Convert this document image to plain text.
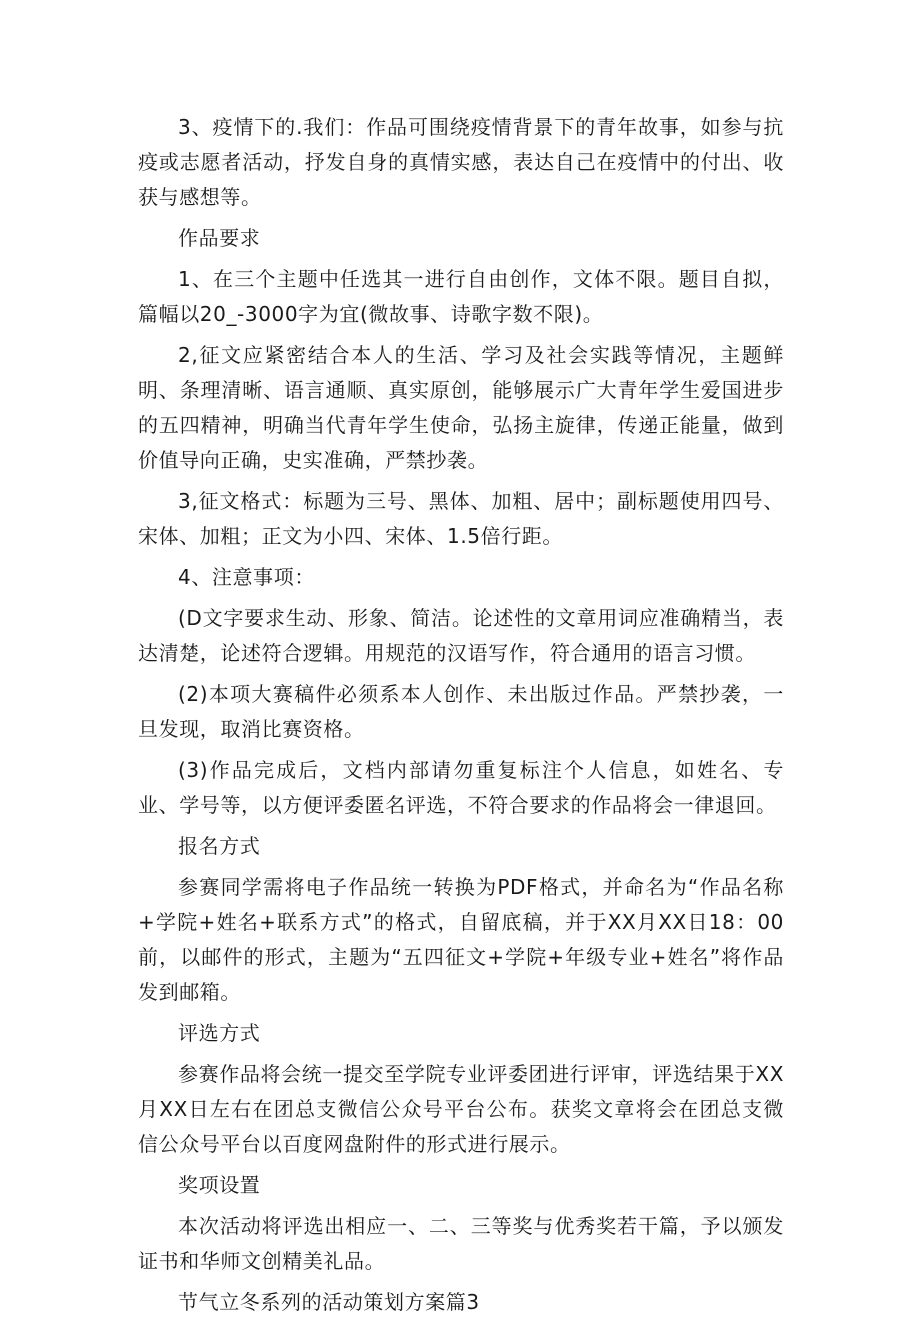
3、疫情下的.我们：作品可围绕疫情背景下的青年故事，如参与抗疫或志愿者活动，抒发自身的真情实感，表达自己在疫情中的付出、收获与感想等。

作品要求

1、在三个主题中任选其一进行自由创作，文体不限。题目自拟，篇幅以20_-3000字为宜(微故事、诗歌字数不限)。

2,征文应紧密结合本人的生活、学习及社会实践等情况，主题鲜明、条理清晰、语言通顺、真实原创，能够展示广大青年学生爱国进步的五四精神，明确当代青年学生使命，弘扬主旋律，传递正能量，做到价值导向正确，史实准确，严禁抄袭。

3,征文格式：标题为三号、黑体、加粗、居中；副标题使用四号、宋体、加粗；正文为小四、宋体、1.5倍行距。

4、注意事项：

(D文字要求生动、形象、简洁。论述性的文章用词应准确精当，表达清楚，论述符合逻辑。用规范的汉语写作，符合通用的语言习惯。

(2)本项大赛稿件必须系本人创作、未出版过作品。严禁抄袭，一旦发现，取消比赛资格。

(3)作品完成后，文档内部请勿重复标注个人信息，如姓名、专业、学号等，以方便评委匿名评选，不符合要求的作品将会一律退回。

报名方式

参赛同学需将电子作品统一转换为PDF格式，并命名为“作品名称+学院+姓名+联系方式”的格式，自留底稿，并于XX月XX日18：00前，以邮件的形式，主题为“五四征文+学院+年级专业+姓名”将作品发到邮箱。

评选方式

参赛作品将会统一提交至学院专业评委团进行评审，评选结果于XX月XX日左右在团总支微信公众号平台公布。获奖文章将会在团总支微信公众号平台以百度网盘附件的形式进行展示。

奖项设置

本次活动将评选出相应一、二、三等奖与优秀奖若干篇，予以颁发证书和华师文创精美礼品。

节气立冬系列的活动策划方案篇3
